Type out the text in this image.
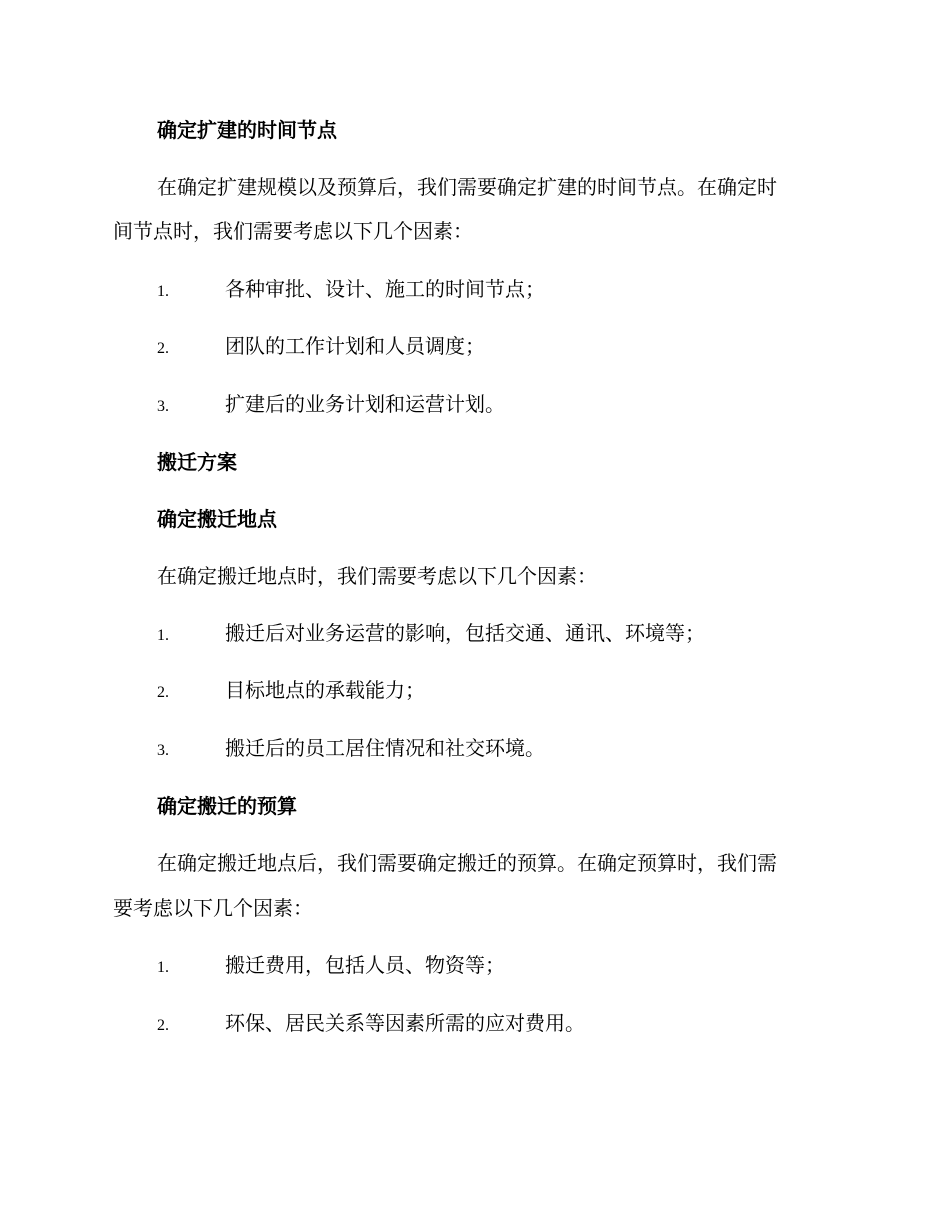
确定扩建的时间节点
在确定扩建规模以及预算后，我们需要确定扩建的时间节点。在确定时
间节点时，我们需要考虑以下几个因素：
1.	各种审批、设计、施工的时间节点；
2.	团队的工作计划和人员调度；
3.	扩建后的业务计划和运营计划。
搬迁方案
确定搬迁地点
在确定搬迁地点时，我们需要考虑以下几个因素：
1.	搬迁后对业务运营的影响，包括交通、通讯、环境等；
2.	目标地点的承载能力；
3.	搬迁后的员工居住情况和社交环境。
确定搬迁的预算
在确定搬迁地点后，我们需要确定搬迁的预算。在确定预算时，我们需
要考虑以下几个因素：
1.	搬迁费用，包括人员、物资等；
2.	环保、居民关系等因素所需的应对费用。
